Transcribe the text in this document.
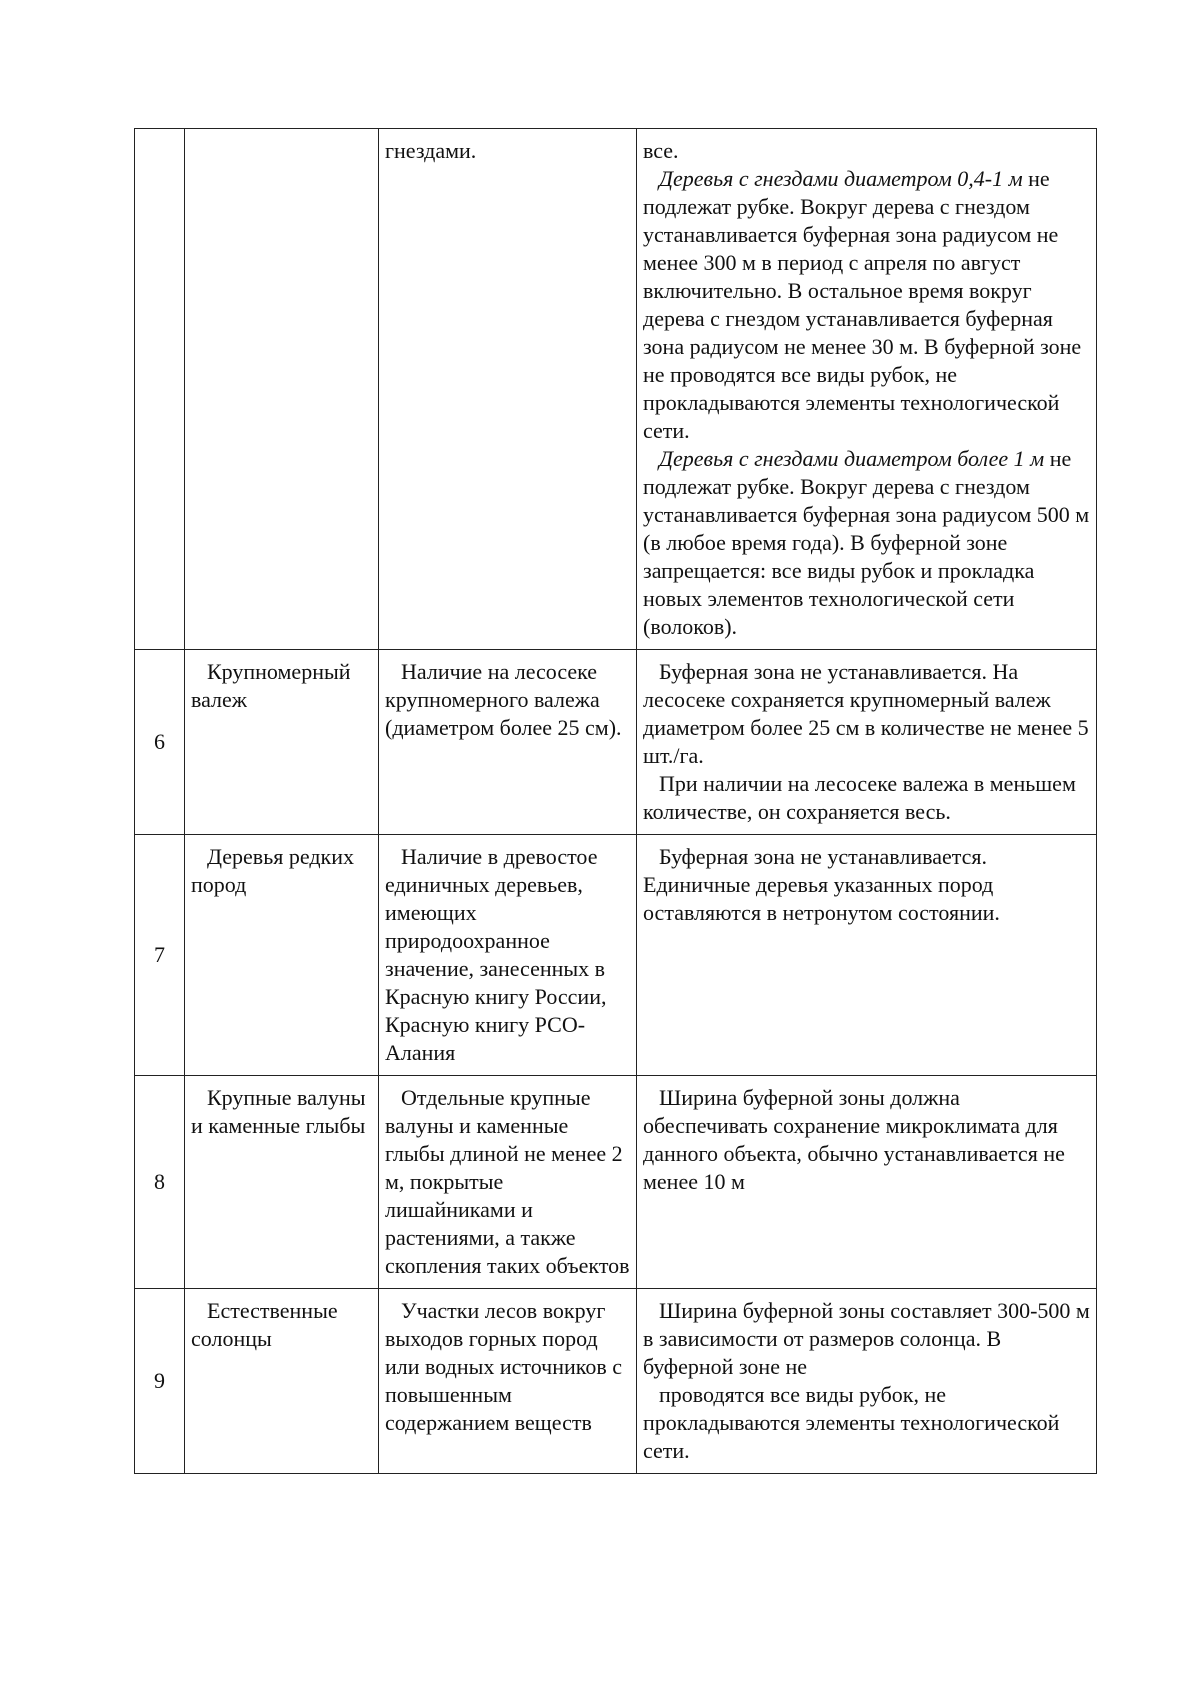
		гнездами.	все.

Деревья с гнездами диаметром 0,4-1 м не подлежат рубке. Вокруг дерева с гнездом устанавливается буферная зона радиусом не менее 300 м в период с апреля по август включительно. В остальное время вокруг дерева с гнездом устанавливается буферная зона радиусом не менее 30 м. В буферной зоне не проводятся все виды рубок, не прокладываются элементы технологической сети.

Деревья с гнездами диаметром более 1 м не подлежат рубке. Вокруг дерева с гнездом устанавливается буферная зона радиусом 500 м (в любое время года). В буферной зоне запрещается: все виды рубок и прокладка новых элементов технологической сети (волоков).

6	Крупномерный валеж	Наличие на лесосеке крупномерного валежа (диаметром более 25 см).	Буферная зона не устанавливается. На лесосеке сохраняется крупномерный валеж диаметром более 25 см в количестве не менее 5 шт./га.

При наличии на лесосеке валежа в меньшем количестве, он сохраняется весь.

7	Деревья редких пород	Наличие в древостое единичных деревьев, имеющих природоохранное значение, занесенных в Красную книгу России, Красную книгу РСО-Алания	Буферная зона не устанавливается. Единичные деревья указанных пород оставляются в нетронутом состоянии.

8	Крупные валуны и каменные глыбы	Отдельные крупные валуны и каменные глыбы длиной не менее 2 м, покрытые лишайниками и растениями, а также скопления таких объектов	Ширина буферной зоны должна обеспечивать сохранение микроклимата для данного объекта, обычно устанавливается не менее 10 м

9	Естественные солонцы	Участки лесов вокруг выходов горных пород или водных источников с повышенным содержанием веществ	Ширина буферной зоны составляет 300-500 м в зависимости от размеров солонца. В буферной зоне не

проводятся все виды рубок, не прокладываются элементы технологической сети.
